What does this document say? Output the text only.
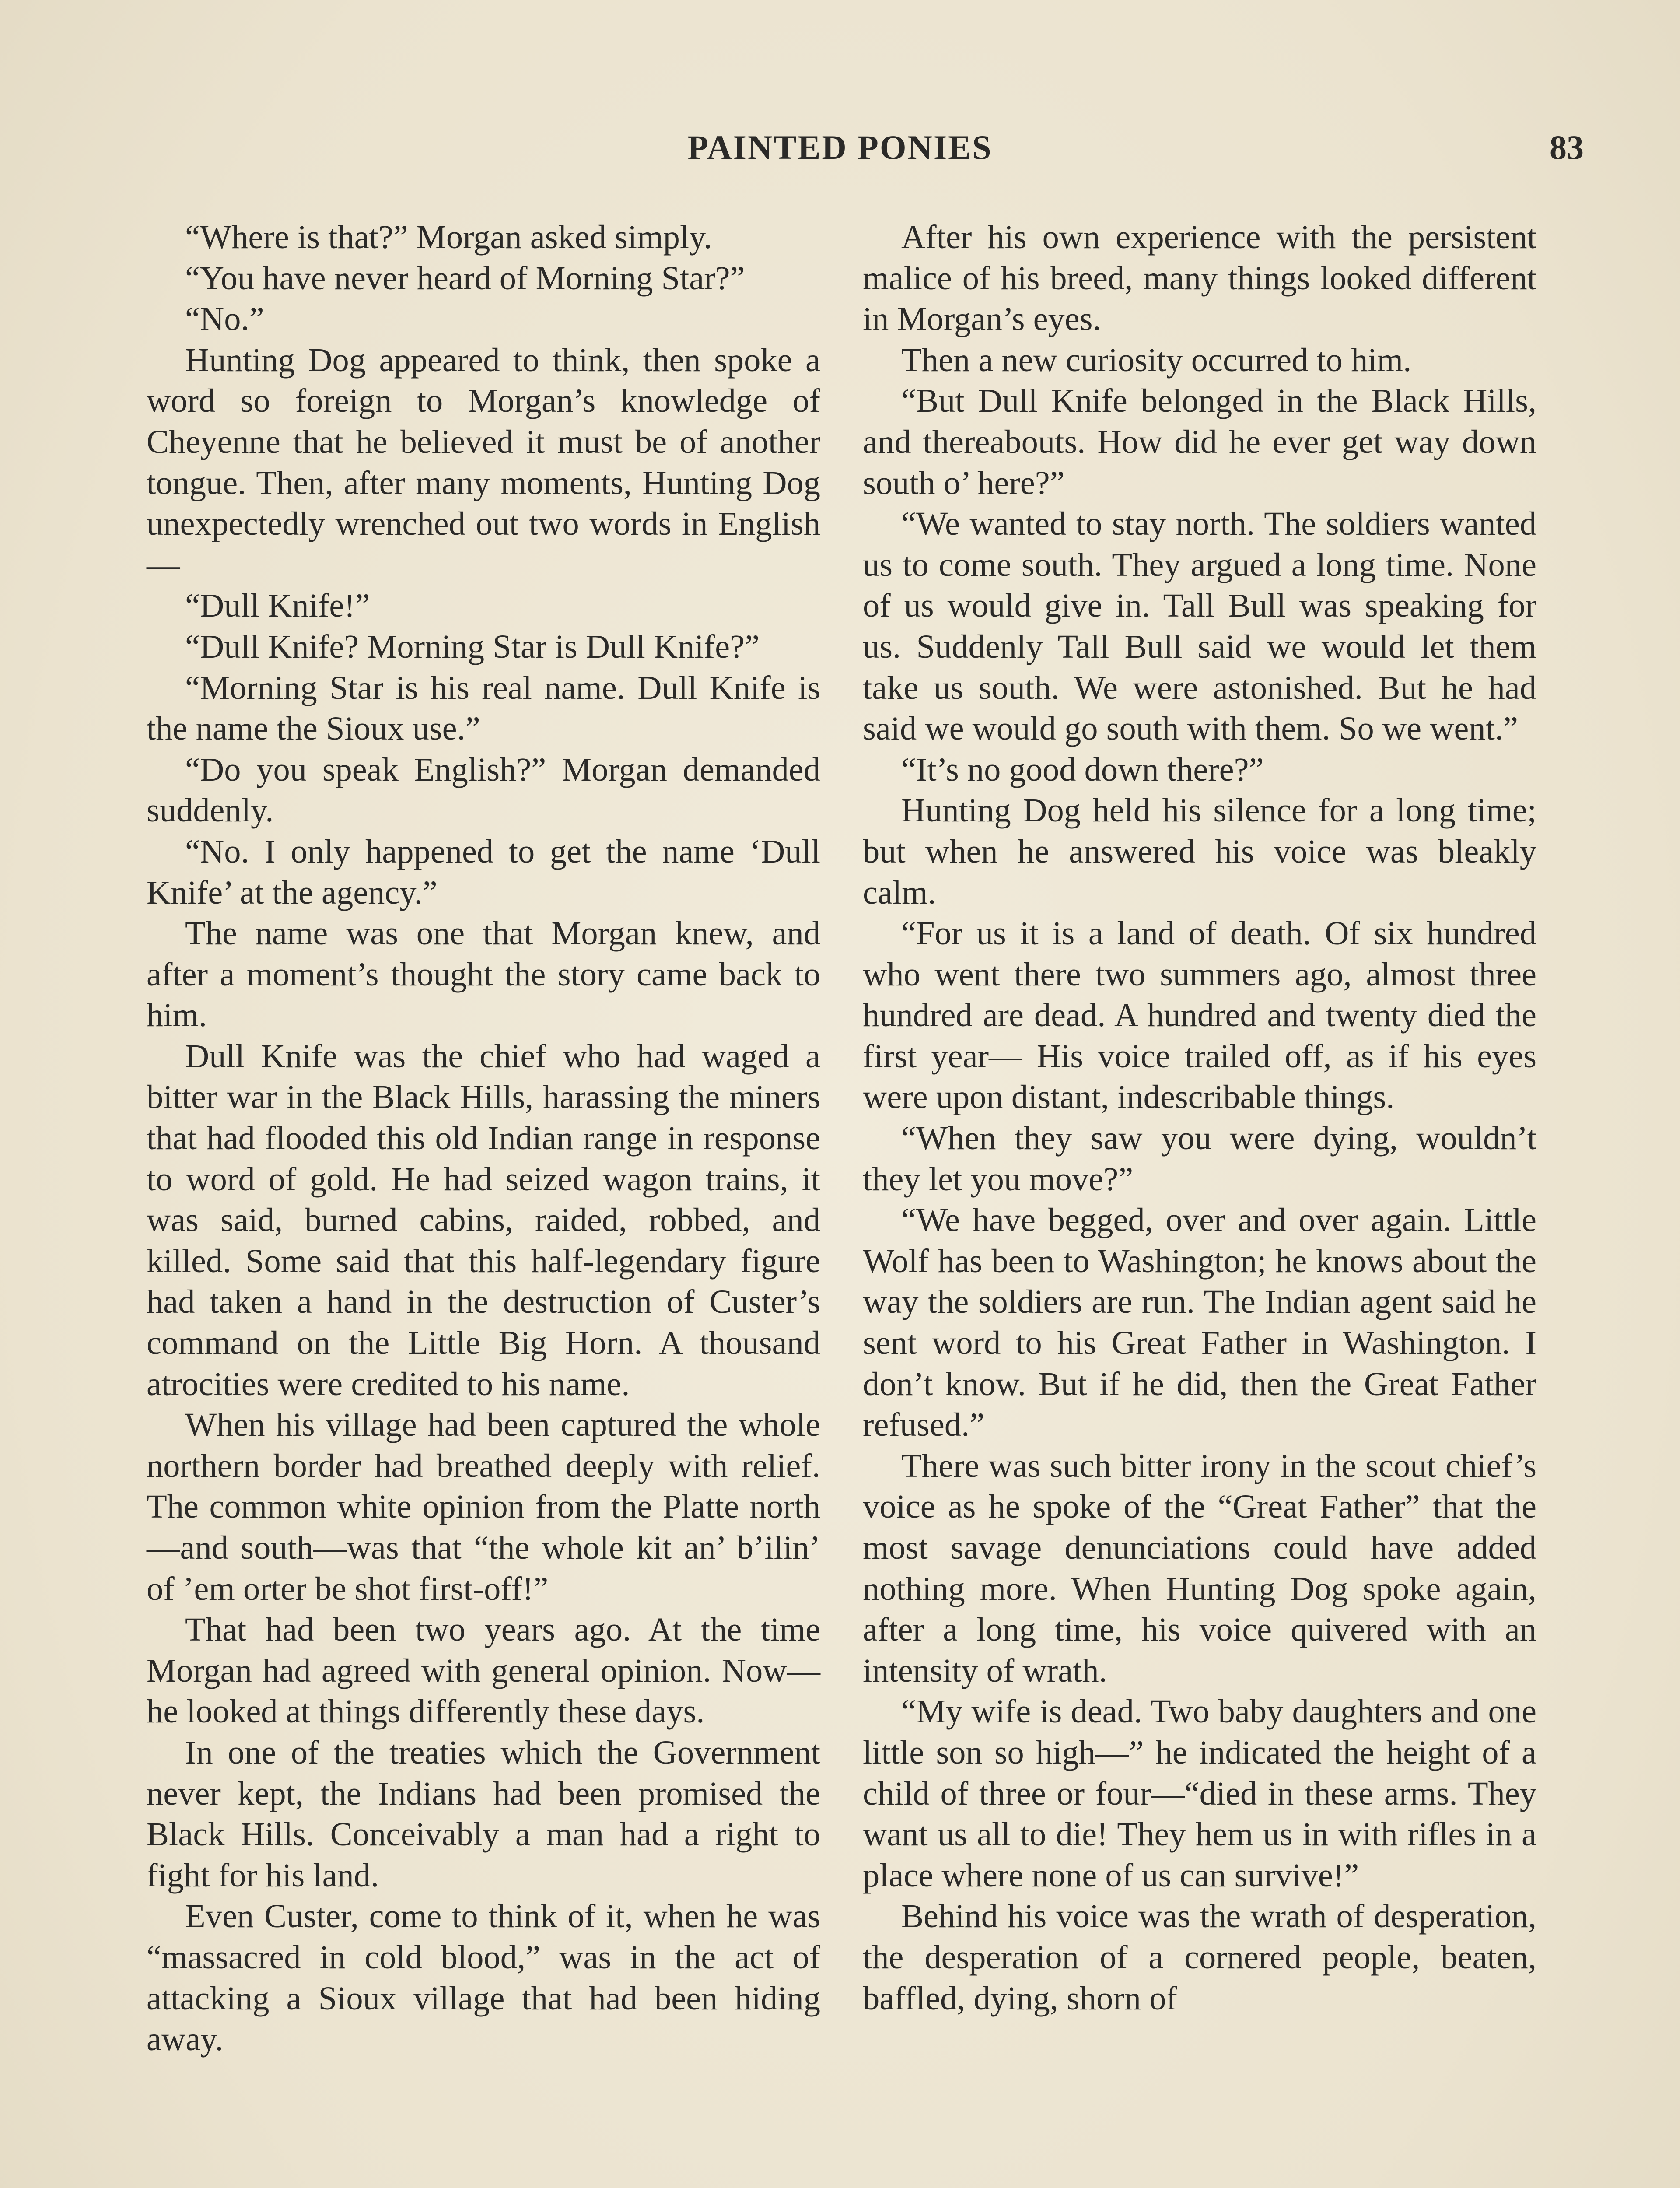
PAINTED PONIES	83

“Where is that?” Morgan asked simply.

“You have never heard of Morning Star?”

“No.”

Hunting Dog appeared to think, then spoke a word so foreign to Morgan’s knowledge of Cheyenne that he believed it must be of another tongue. Then, after many moments, Hunting Dog unexpectedly wrenched out two words in English—

“Dull Knife!”

“Dull Knife? Morning Star is Dull Knife?”

“Morning Star is his real name. Dull Knife is the name the Sioux use.”

“Do you speak English?” Morgan demanded suddenly.

“No. I only happened to get the name ‘Dull Knife’ at the agency.”

The name was one that Morgan knew, and after a moment’s thought the story came back to him.

Dull Knife was the chief who had waged a bitter war in the Black Hills, harassing the miners that had flooded this old Indian range in response to word of gold. He had seized wagon trains, it was said, burned cabins, raided, robbed, and killed. Some said that this half-legendary figure had taken a hand in the destruction of Custer’s command on the Little Big Horn. A thousand atrocities were credited to his name.

When his village had been captured the whole northern border had breathed deeply with relief. The common white opinion from the Platte north—and south—was that “the whole kit an’ b’ilin’ of ’em orter be shot first-off!”

That had been two years ago. At the time Morgan had agreed with general opinion. Now—he looked at things differently these days.

In one of the treaties which the Government never kept, the Indians had been promised the Black Hills. Conceivably a man had a right to fight for his land.

Even Custer, come to think of it, when he was “massacred in cold blood,” was in the act of attacking a Sioux village that had been hiding away.

After his own experience with the persistent malice of his breed, many things looked different in Morgan’s eyes.

Then a new curiosity occurred to him.

“But Dull Knife belonged in the Black Hills, and thereabouts. How did he ever get way down south o’ here?”

“We wanted to stay north. The soldiers wanted us to come south. They argued a long time. None of us would give in. Tall Bull was speaking for us. Suddenly Tall Bull said we would let them take us south. We were astonished. But he had said we would go south with them. So we went.”

“It’s no good down there?”

Hunting Dog held his silence for a long time; but when he answered his voice was bleakly calm.

“For us it is a land of death. Of six hundred who went there two summers ago, almost three hundred are dead. A hundred and twenty died the first year— His voice trailed off, as if his eyes were upon distant, indescribable things.

“When they saw you were dying, wouldn’t they let you move?”

“We have begged, over and over again. Little Wolf has been to Washington; he knows about the way the soldiers are run. The Indian agent said he sent word to his Great Father in Washington. I don’t know. But if he did, then the Great Father refused.”

There was such bitter irony in the scout chief’s voice as he spoke of the “Great Father” that the most savage denunciations could have added nothing more. When Hunting Dog spoke again, after a long time, his voice quivered with an intensity of wrath.

“My wife is dead. Two baby daughters and one little son so high—” he indicated the height of a child of three or four—“died in these arms. They want us all to die! They hem us in with rifles in a place where none of us can survive!”

Behind his voice was the wrath of desperation, the desperation of a cornered people, beaten, baffled, dying, shorn of
